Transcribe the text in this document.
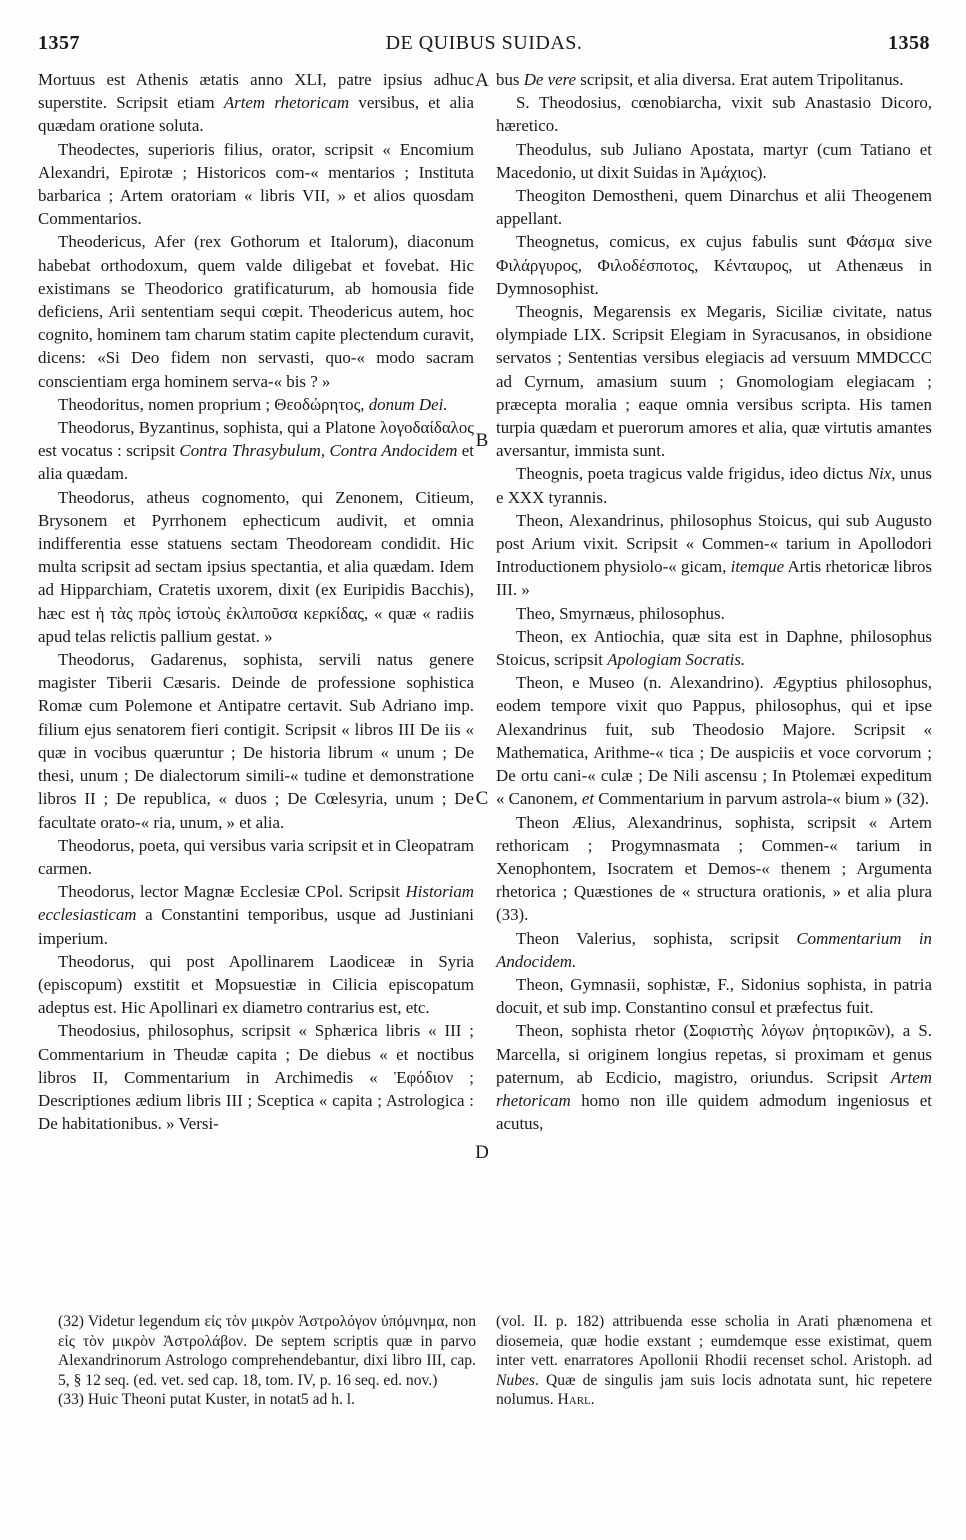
1357	DE QUIBUS SUIDAS.	1358

Mortuus est Athenis ætatis anno XLI, patre ipsius adhuc superstite. Scripsit etiam Artem rhetoricam versibus, et alia quædam oratione soluta.

Theodectes, superioris filius, orator, scripsit « Encomium Alexandri, Epirotæ ; Historicos com-« mentarios ; Instituta barbarica ; Artem oratoriam « libris VII, » et alios quosdam Commentarios.

Theodericus, Afer (rex Gothorum et Italorum), diaconum habebat orthodoxum, quem valde diligebat et fovebat. Hic existimans se Theodorico gratificaturum, ab homousia fide deficiens, Arii sententiam sequi cœpit. Theodericus autem, hoc cognito, hominem tam charum statim capite plectendum curavit, dicens: «Si Deo fidem non servasti, quo-« modo sacram conscientiam erga hominem serva-« bis ? »

Theodoritus, nomen proprium ; Θεοδώρητος, donum Dei.

Theodorus, Byzantinus, sophista, qui a Platone λογοδαίδαλος est vocatus : scripsit Contra Thrasybulum, Contra Andocidem et alia quædam.

Theodorus, atheus cognomento, qui Zenonem, Citieum, Brysonem et Pyrrhonem ephecticum audivit, et omnia indifferentia esse statuens sectam Theodoream condidit. Hic multa scripsit ad sectam ipsius spectantia, et alia quædam. Idem ad Hipparchiam, Cratetis uxorem, dixit (ex Euripidis Bacchis), hæc est ἡ τὰς πρὸς ἱστοὺς ἐκλιποῦσα κερκίδας, « quæ « radiis apud telas relictis pallium gestat. »

Theodorus, Gadarenus, sophista, servili natus genere magister Tiberii Cæsaris. Deinde de professione sophistica Romæ cum Polemone et Antipatre certavit. Sub Adriano imp. filium ejus senatorem fieri contigit. Scripsit « libros III De iis « quæ in vocibus quæruntur ; De historia librum « unum ; De thesi, unum ; De dialectorum simili-« tudine et demonstratione libros II ; De republica, « duos ; De Cœlesyria, unum ; De facultate orato-« ria, unum, » et alia.

Theodorus, poeta, qui versibus varia scripsit et in Cleopatram carmen.

Theodorus, lector Magnæ Ecclesiæ CPol. Scripsit Historiam ecclesiasticam a Constantini temporibus, usque ad Justiniani imperium.

Theodorus, qui post Apollinarem Laodiceæ in Syria (episcopum) exstitit et Mopsuestiæ in Cilicia episcopatum adeptus est. Hic Apollinari ex diametro contrarius est, etc.

Theodosius, philosophus, scripsit « Sphærica libris « III ; Commentarium in Theudæ capita ; De diebus « et noctibus libros II, Commentarium in Archimedis « Ἐφόδιον ; Descriptiones ædium libris III ; Sceptica « capita ; Astrologica : De habitationibus. » Versi-

bus De vere scripsit, et alia diversa. Erat autem Tripolitanus.

S. Theodosius, cœnobiarcha, vixit sub Anastasio Dicoro, hæretico.

Theodulus, sub Juliano Apostata, martyr (cum Tatiano et Macedonio, ut dixit Suidas in Ἀμάχιος).

Theogiton Demostheni, quem Dinarchus et alii Theogenem appellant.

Theognetus, comicus, ex cujus fabulis sunt Φάσμα sive Φιλάργυρος, Φιλοδέσποτος, Κένταυρος, ut Athenæus in Dymnosophist.

Theognis, Megarensis ex Megaris, Siciliæ civitate, natus olympiade LIX. Scripsit Elegiam in Syracusanos, in obsidione servatos ; Sententias versibus elegiacis ad versuum MMDCCC ad Cyrnum, amasium suum ; Gnomologiam elegiacam ; præcepta moralia ; eaque omnia versibus scripta. His tamen turpia quædam et puerorum amores et alia, quæ virtutis amantes aversantur, immista sunt.

Theognis, poeta tragicus valde frigidus, ideo dictus Nix, unus e XXX tyrannis.

Theon, Alexandrinus, philosophus Stoicus, qui sub Augusto post Arium vixit. Scripsit « Commen-« tarium in Apollodori Introductionem physiolo-« gicam, itemque Artis rhetoricæ libros III. »

Theo, Smyrnæus, philosophus.

Theon, ex Antiochia, quæ sita est in Daphne, philosophus Stoicus, scripsit Apologiam Socratis.

Theon, e Museo (n. Alexandrino). Ægyptius philosophus, eodem tempore vixit quo Pappus, philosophus, qui et ipse Alexandrinus fuit, sub Theodosio Majore. Scripsit « Mathematica, Arithme-« tica ; De auspiciis et voce corvorum ; De ortu cani-« culæ ; De Nili ascensu ; In Ptolemæi expeditum « Canonem, et Commentarium in parvum astrola-« bium » (32).

Theon Ælius, Alexandrinus, sophista, scripsit « Artem rethoricam ; Progymnasmata ; Commen-« tarium in Xenophontem, Isocratem et Demos-« thenem ; Argumenta rhetorica ; Quæstiones de « structura orationis, » et alia plura (33).

Theon Valerius, sophista, scripsit Commentarium in Andocidem.

Theon, Gymnasii, sophistæ, F., Sidonius sophista, in patria docuit, et sub imp. Constantino consul et præfectus fuit.

Theon, sophista rhetor (Σοφιστὴς λόγων ῥητορικῶν), a S. Marcella, si originem longius repetas, si proximam et genus paternum, ab Ecdicio, magistro, oriundus. Scripsit Artem rhetoricam homo non ille quidem admodum ingeniosus et acutus,

A
B
C
D

(32) Videtur legendum εἰς τὸν μικρὸν Ἀστρολόγον ὑπόμνημα, non εἰς τὸν μικρὸν Ἀστρολάβον. De septem scriptis quæ in parvo Alexandrinorum Astrologo comprehendebantur, dixi libro III, cap. 5, § 12 seq. (ed. vet. sed cap. 18, tom. IV, p. 16 seq. ed. nov.)

(33) Huic Theoni putat Kuster, in notat5 ad h. l.

(vol. II. p. 182) attribuenda esse scholia in Arati phænomena et diosemeia, quæ hodie exstant ; eumdemque esse existimat, quem inter vett. enarratores Apollonii Rhodii recenset schol. Aristoph. ad Nubes. Quæ de singulis jam suis locis adnotata sunt, hic repetere nolumus. Harl.
